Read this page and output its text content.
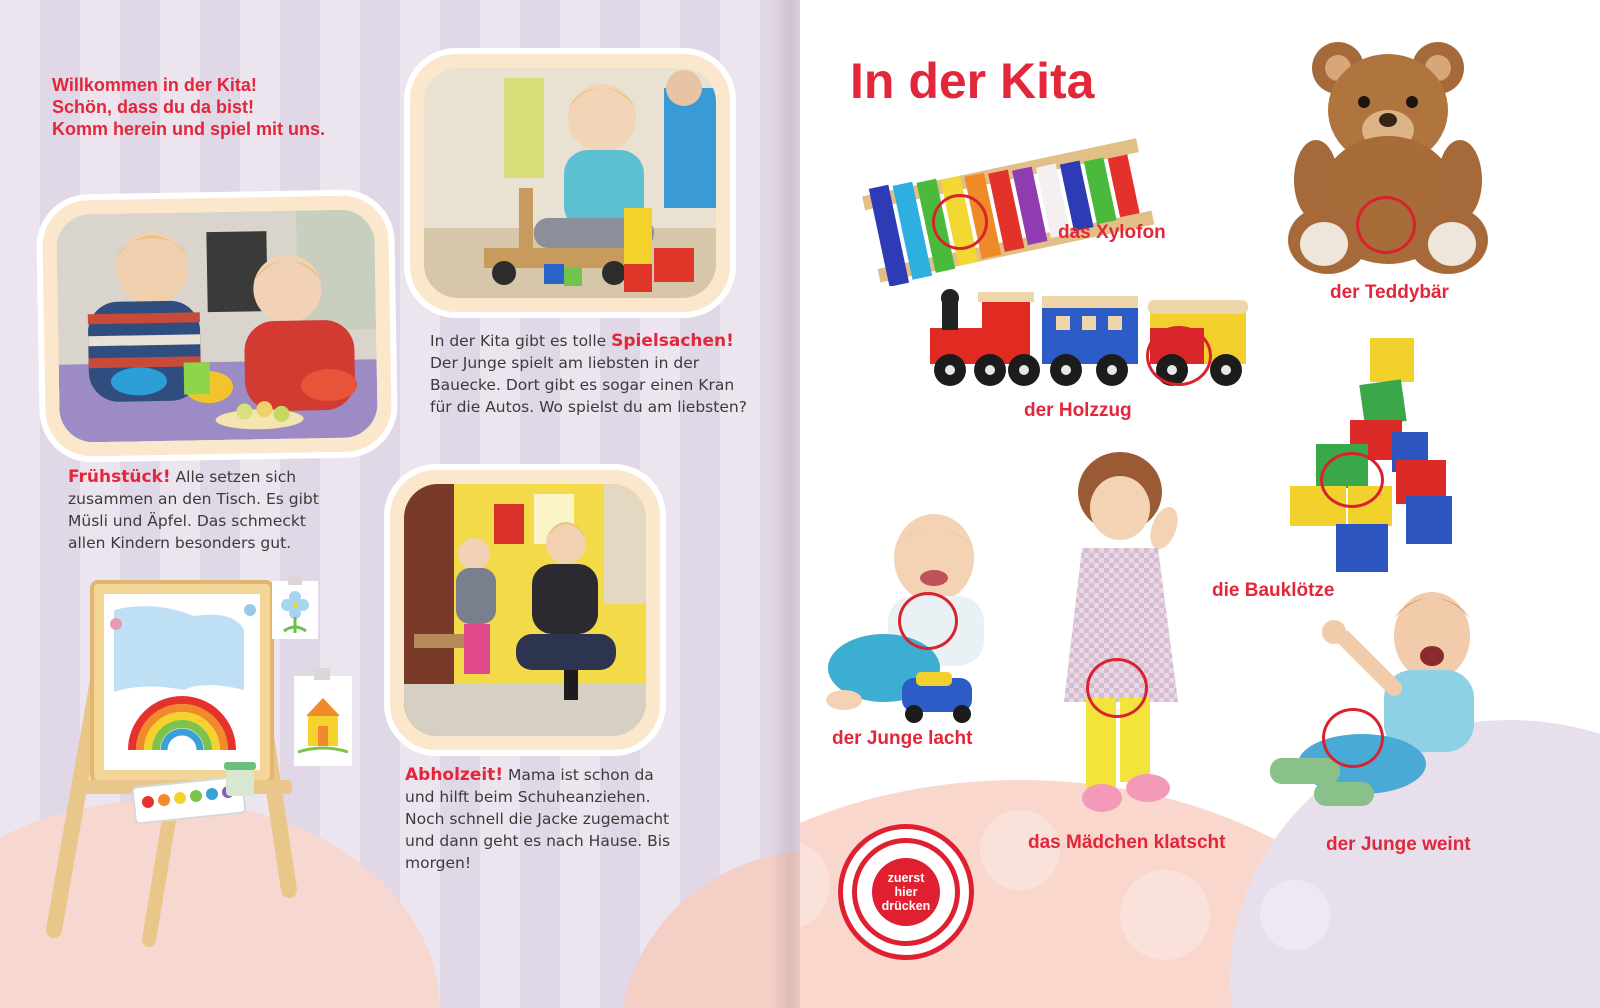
Willkommen in der Kita!
Schön, dass du da bist!
Komm herein und spiel mit uns.
Frühstück! Alle setzen sich zusammen an den Tisch. Es gibt Müsli und Äpfel. Das schmeckt allen Kindern besonders gut.
In der Kita gibt es tolle Spielsachen! Der Junge spielt am liebsten in der Bauecke. Dort gibt es sogar einen Kran für die Autos. Wo spielst du am liebsten?
Abholzeit! Mama ist schon da und hilft beim Schuheanziehen. Noch schnell die Jacke zugemacht und dann geht es nach Hause. Bis morgen!
In der Kita
das Xylofon
der Teddybär
der Holzzug
die Bauklötze
der Junge lacht
das Mädchen klatscht	der Junge weint
zuerst
hier
drücken
